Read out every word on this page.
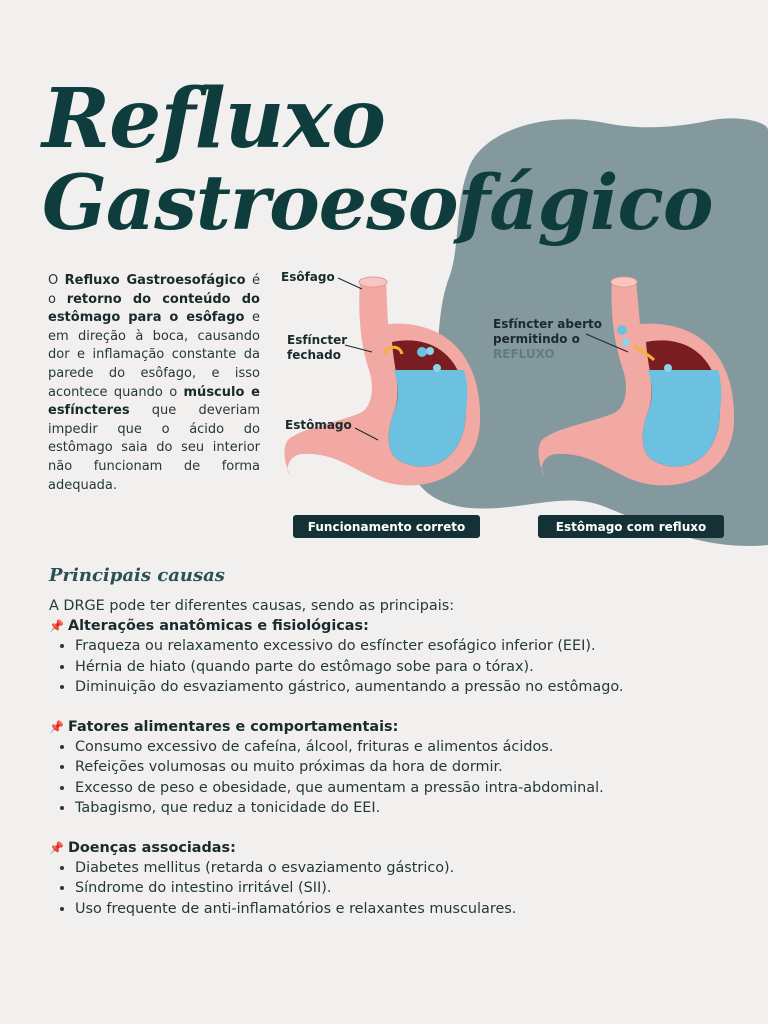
Refluxo
Gastroesofágico

O Refluxo Gastroesofágico é o retorno do conteúdo do estômago para o esôfago e em direção à boca, causando dor e inflamação constante da parede do esôfago, e isso acontece quando o músculo e esfíncteres que deveriam impedir que o ácido do estômago saia do seu interior não funcionam de forma adequada.

Esôfago
Esfíncter
fechado
Estômago
Esfíncter aberto
permitindo o
REFLUXO
Funcionamento correto	Estômago com refluxo
Principais causas

A DRGE pode ter diferentes causas, sendo as principais:

📌 Alterações anatômicas e fisiológicas:

• Fraqueza ou relaxamento excessivo do esfíncter esofágico inferior (EEI).
• Hérnia de hiato (quando parte do estômago sobe para o tórax).
• Diminuição do esvaziamento gástrico, aumentando a pressão no estômago.

📌 Fatores alimentares e comportamentais:

• Consumo excessivo de cafeína, álcool, frituras e alimentos ácidos.
• Refeições volumosas ou muito próximas da hora de dormir.
• Excesso de peso e obesidade, que aumentam a pressão intra-abdominal.
• Tabagismo, que reduz a tonicidade do EEI.

📌 Doenças associadas:

• Diabetes mellitus (retarda o esvaziamento gástrico).
• Síndrome do intestino irritável (SII).
• Uso frequente de anti-inflamatórios e relaxantes musculares.
